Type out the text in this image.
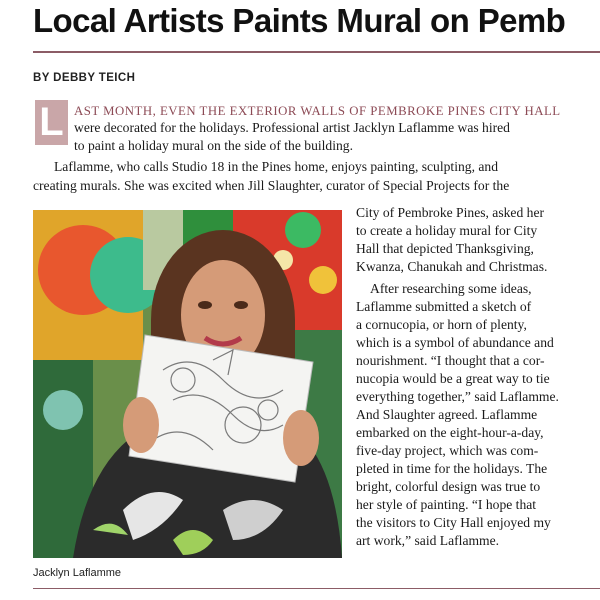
Local Artists Paints Mural on Pemb
BY DEBBY TEICH
L AST MONTH, EVEN THE EXTERIOR WALLS OF PEMBROKE PINES CITY HALL
were decorated for the holidays. Professional artist Jacklyn Laflamme was hired
to paint a holiday mural on the side of the building.
Laflamme, who calls Studio 18 in the Pines home, enjoys painting, sculpting, and
creating murals. She was excited when Jill Slaughter, curator of Special Projects for the
City of Pembroke Pines, asked her
to create a holiday mural for City
Hall that depicted Thanksgiving,
Kwanza, Chanukah and Christmas.
After researching some ideas,
Laflamme submitted a sketch of
a cornucopia, or horn of plenty,
which is a symbol of abundance and
nourishment. “I thought that a cor-
nucopia would be a great way to tie
everything together,” said Laflamme.
And Slaughter agreed. Laflamme
embarked on the eight-hour-a-day,
five-day project, which was com-
pleted in time for the holidays. The
bright, colorful design was true to
her style of painting. “I hope that
the visitors to City Hall enjoyed my
art work,” said Laflamme.
Jacklyn Laflamme
